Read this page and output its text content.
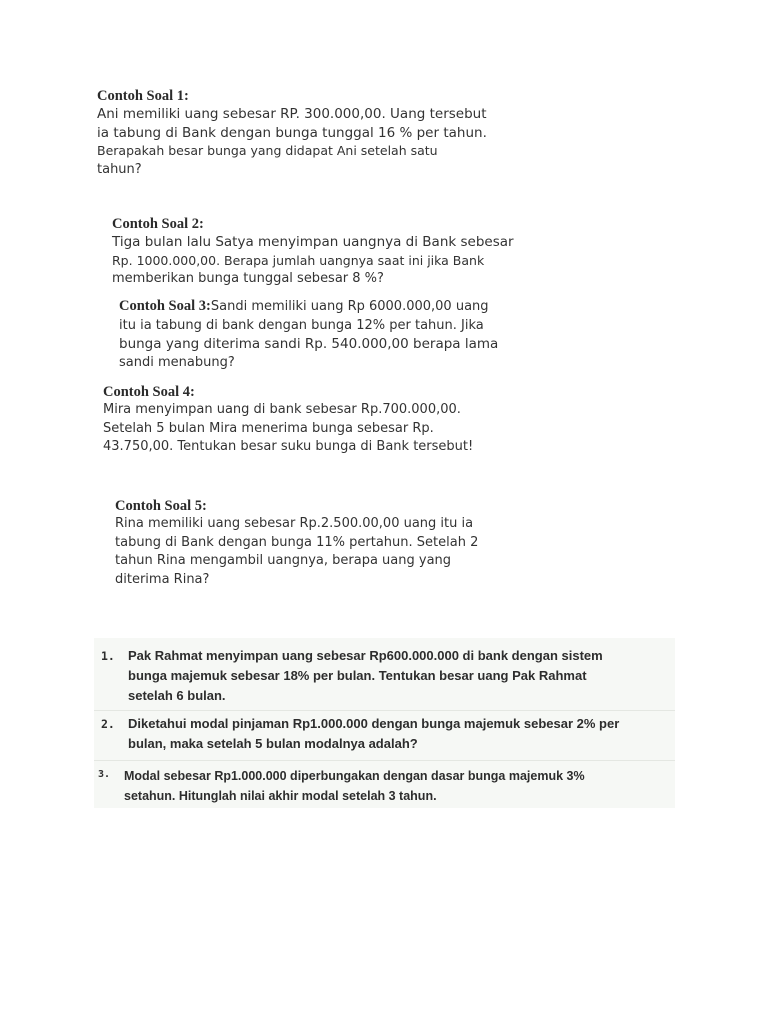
Contoh Soal 1:
Ani memiliki uang sebesar RP. 300.000,00. Uang tersebut
ia tabung di Bank dengan bunga tunggal 16 % per tahun.
Berapakah besar bunga yang didapat Ani setelah satu
tahun?
Contoh Soal 2:
Tiga bulan lalu Satya menyimpan uangnya di Bank sebesar
Rp. 1000.000,00. Berapa jumlah uangnya saat ini jika Bank
memberikan bunga tunggal sebesar 8 %?
Contoh Soal 3:Sandi memiliki uang Rp 6000.000,00 uang
itu ia tabung di bank dengan bunga 12% per tahun. Jika
bunga yang diterima sandi Rp. 540.000,00 berapa lama
sandi menabung?
Contoh Soal 4:
Mira menyimpan uang di bank sebesar Rp.700.000,00.
Setelah 5 bulan Mira menerima bunga sebesar Rp.
43.750,00. Tentukan besar suku bunga di Bank tersebut!
Contoh Soal 5:
Rina memiliki uang sebesar Rp.2.500.00,00 uang itu ia
tabung di Bank dengan bunga 11% pertahun. Setelah 2
tahun Rina mengambil uangnya, berapa uang yang
diterima Rina?
1. Pak Rahmat menyimpan uang sebesar Rp600.000.000 di bank dengan sistem
bunga majemuk sebesar 18% per bulan. Tentukan besar uang Pak Rahmat
setelah 6 bulan.
2. Diketahui modal pinjaman Rp1.000.000 dengan bunga majemuk sebesar 2% per
bulan, maka setelah 5 bulan modalnya adalah?
3. Modal sebesar Rp1.000.000 diperbungakan dengan dasar bunga majemuk 3%
setahun. Hitunglah nilai akhir modal setelah 3 tahun.
